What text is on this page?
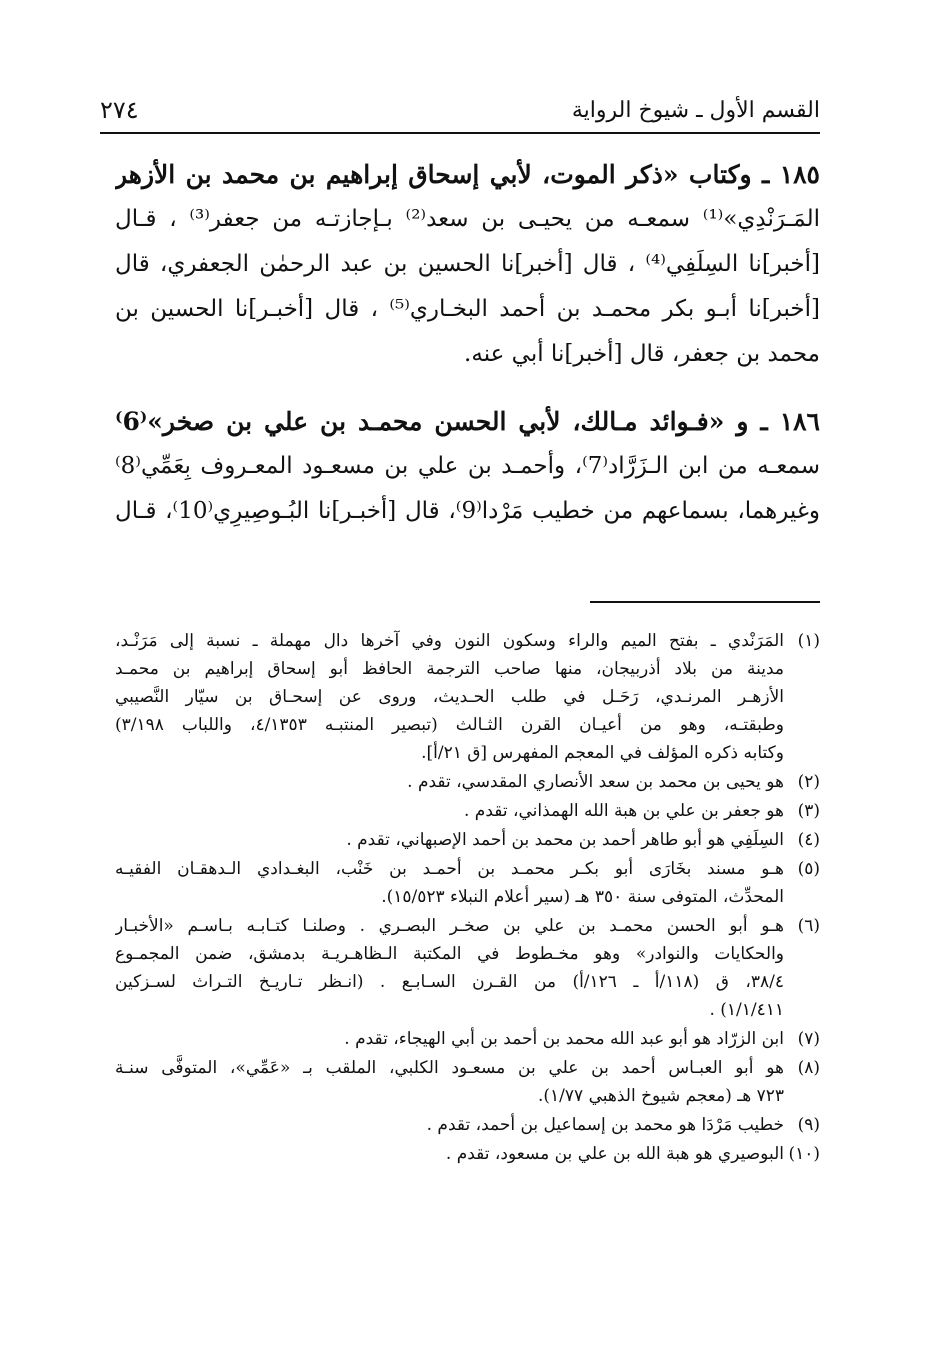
القسم الأول ـ شيوخ الرواية
٢٧٤
١٨٥ ـ وكتاب «ذكر الموت، لأبي إسحاق إبراهيم بن محمد بن الأزهر
المَـرَنْدِي»⁽¹⁾ سمعـه من يحيـى بن سعد⁽²⁾ بـإجازتـه من جعفر⁽³⁾ ، قـال
[أخبر]نا السِلَفِي⁽⁴⁾ ، قال [أخبر]نا الحسين بن عبد الرحمٰن الجعفري، قال
[أخبر]نا أبـو بكر محمـد بن أحمد البخـاري⁽⁵⁾ ، قال [أخبـر]نا الحسين بن
محمد بن جعفر، قال [أخبر]نا أبي عنه.
١٨٦ ـ و «فـوائد مـالك، لأبي الحسن محمـد بن علي بن صخر»⁽6⁾
سمعـه من ابن الـزَرَّاد⁽7⁾، وأحمـد بن علي بن مسعـود المعـروف بِعَمِّي⁽8⁾
وغيرهما، بسماعهم من خطيب مَرْدا⁽9⁾، قال [أخبـر]نا البُـوصِيرِي⁽10⁾، قـال
(١)
المَرَنْدي ـ بفتح الميم والراء وسكون النون وفي آخرها دال مهملة ـ نسبة إلى مَرَنْـد،
مدينة من بلاد أذربيجان، منها صاحب الترجمة الحافظ أبو إسحاق إبراهيم بن محمـد
الأزهـر المرنـدي، رَحَـل في طلب الحـديث، وروى عن إسحـاق بن سيّار النَّصيبي
وطبقتـه، وهو من أعيـان القرن الثـالث (تبصير المنتبـه ٤/١٣٥٣، واللباب ٣/١٩٨)
وكتابه ذكره المؤلف في المعجم المفهرس [ق ٢١/أ].
(٢)
هو يحيى بن محمد بن سعد الأنصاري المقدسي، تقدم .
(٣)
هو جعفر بن علي بن هبة الله الهمذاني، تقدم .
(٤)
السِلَفِي هو أبو طاهر أحمد بن محمد بن أحمد الإصبهاني، تقدم .
(٥)
هـو مسند بخَارَى أبو بكـر محمـد بن أحمـد بن خَنْب، البغـدادي الـدهقـان الفقيـه
المحدِّث، المتوفى سنة ٣٥٠ هـ (سير أعلام النبلاء ١٥/٥٢٣).
(٦)
هـو أبو الحسن محمـد بن علي بن صخـر البصـري . وصلنـا كتـابـه بـاسـم «الأخبـار
والحكايات والنوادر» وهو مخـطوط في المكتبة الـظاهـريـة بدمشق، ضمن المجمـوع
٣٨/٤، ق (١١٨/أ ـ ١٢٦/أ) من القـرن السـابـع . (انـظر تـاريـخ التـراث لسـزكين
١/١/٤١١) .
(٧)
ابن الزرّاد هو أبو عبد الله محمد بن أحمد بن أبي الهيجاء، تقدم .
(٨)
هو أبو العبـاس أحمد بن علي بن مسعـود الكلبي، الملقب بـ «عَمِّي»، المتوفَّى سنـة
٧٢٣ هـ (معجم شيوخ الذهبي ١/٧٧).
(٩)
خطيب مَرْدَا هو محمد بن إسماعيل بن أحمد، تقدم .
(١٠)
البوصيري هو هبة الله بن علي بن مسعود، تقدم .
